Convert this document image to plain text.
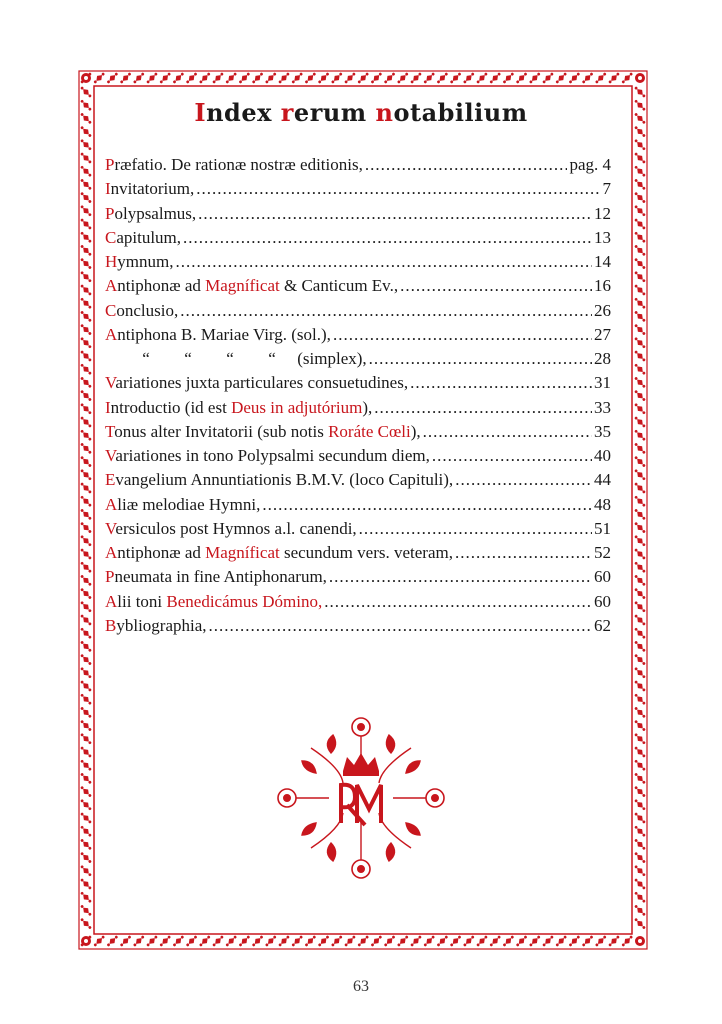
Index rerum notabilium
Præfatio. De rationæ nostræ editionis, .....	pag. 4
Invitatorium, .....	7
Polypsalmus, .....	12
Capitulum, .....	13
Hymnum, .....	14
Antiphonæ ad Magníficat & Canticum Ev., .....	16
Conclusio, .....	26
Antiphona B. Mariae Virg. (sol.), .....	27
“ “ “ “ (simplex), .....	28
Variationes juxta particulares consuetudines, .....	31
Introductio (id est Deus in adjutórium), .....	33
Tonus alter Invitatorii (sub notis Roráte Cœli), .....	35
Variationes in tono Polypsalmi secundum diem, .....	40
Evangelium Annuntiationis B.M.V. (loco Capituli), .....	44
Aliæ melodiae Hymni, .....	48
Versiculos post Hymnos a.l. canendi, .....	51
Antiphonæ ad Magníficat secundum vers. veteram, .....	52
Pneumata in fine Antiphonarum, .....	60
Alii toni Benedicámus Dómino, .....	60
Bybliographia, .....	62
63
